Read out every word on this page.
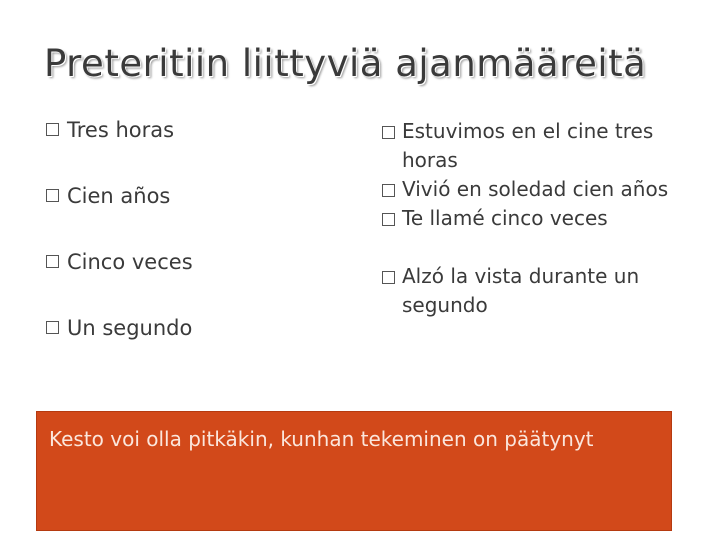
Preteritiin liittyviä ajanmääreitä
Tres horas
Cien años
Cinco veces
Un segundo
Estuvimos en el cine tres horas
Vivió en soledad cien años
Te llamé cinco veces
Alzó la vista durante un segundo
Kesto voi olla pitkäkin, kunhan tekeminen on päätynyt
